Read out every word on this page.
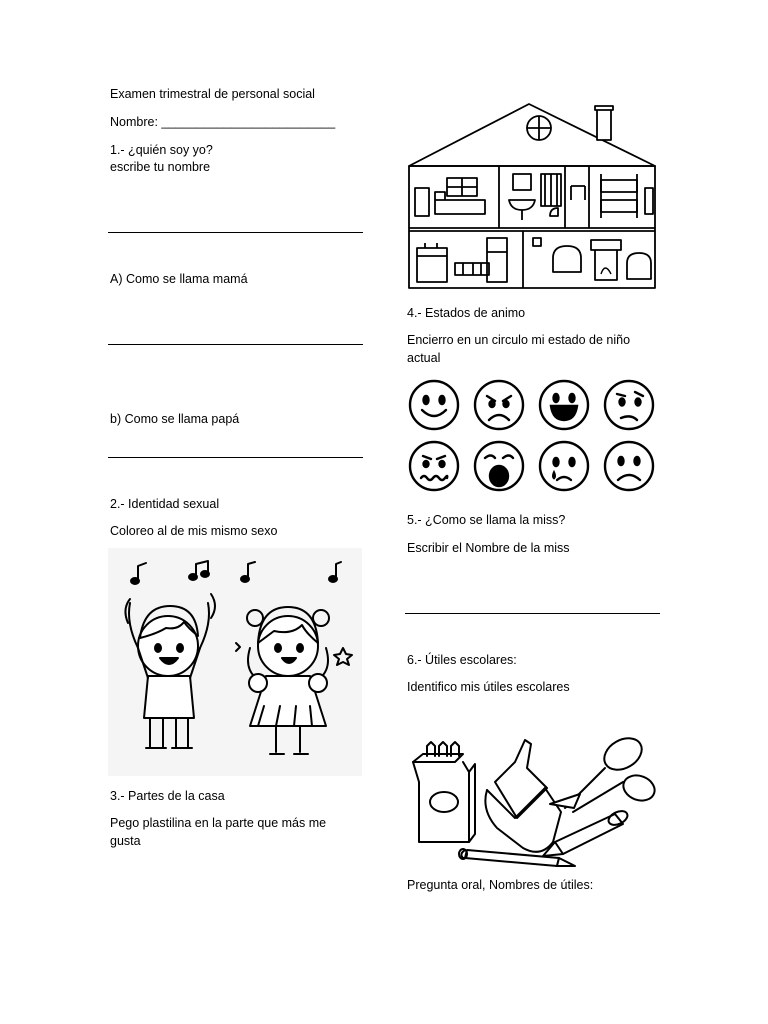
Examen trimestral de personal social
Nombre: _________________________
1.- ¿quién soy yo?
escribe tu nombre
A) Como se llama mamá
b) Como se llama papá
2.- Identidad sexual
Coloreo al de mis mismo sexo
3.- Partes de la casa
Pego plastilina en la parte que más me
gusta
4.- Estados de animo
Encierro en un circulo mi estado de niño
actual
5.- ¿Como se llama la miss?
Escribir el Nombre de la miss
6.- Útiles escolares:
Identifico mis útiles escolares
Pregunta oral, Nombres de útiles:
